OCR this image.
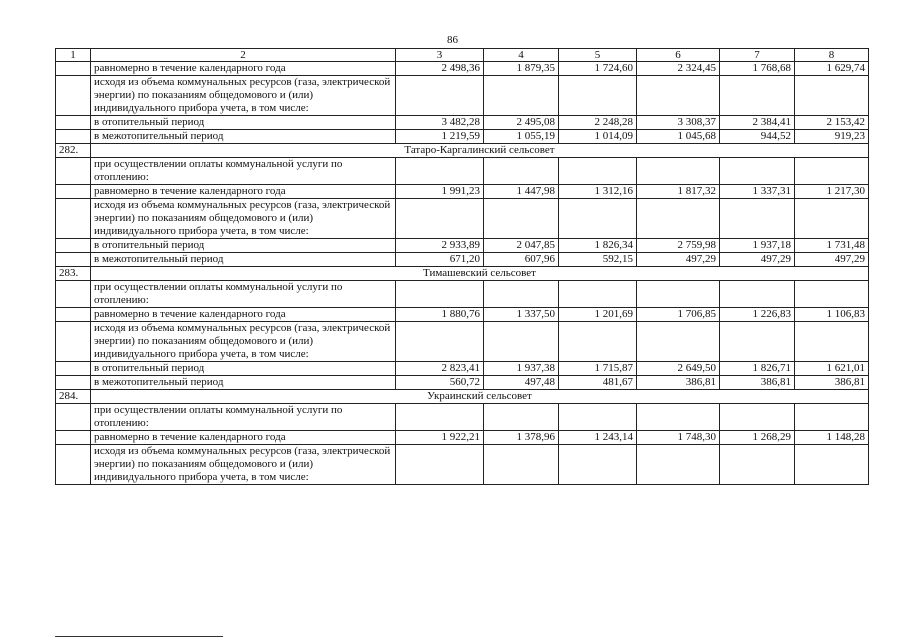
86
1	2	3	4	5	6	7	8
	равномерно в течение календарного года	2 498,36	1 879,35	1 724,60	2 324,45	1 768,68	1 629,74
	исходя из объема коммунальных ресурсов (газа, электрической энергии) по показаниям общедомового и (или) индивидуального прибора учета, в том числе:						
	в отопительный период	3 482,28	2 495,08	2 248,28	3 308,37	2 384,41	2 153,42
	в межотопительный период	1 219,59	1 055,19	1 014,09	1 045,68	944,52	919,23
282.	Татаро-Каргалинский сельсовет						
	при осуществлении оплаты коммунальной услуги по отоплению:						
	равномерно в течение календарного года	1 991,23	1 447,98	1 312,16	1 817,32	1 337,31	1 217,30
	исходя из объема коммунальных ресурсов (газа, электрической энергии) по показаниям общедомового и (или) индивидуального прибора учета, в том числе:						
	в отопительный период	2 933,89	2 047,85	1 826,34	2 759,98	1 937,18	1 731,48
	в межотопительный период	671,20	607,96	592,15	497,29	497,29	497,29
283.	Тимашевский сельсовет						
	при осуществлении оплаты коммунальной услуги по отоплению:						
	равномерно в течение календарного года	1 880,76	1 337,50	1 201,69	1 706,85	1 226,83	1 106,83
	исходя из объема коммунальных ресурсов (газа, электрической энергии) по показаниям общедомового и (или) индивидуального прибора учета, в том числе:						
	в отопительный период	2 823,41	1 937,38	1 715,87	2 649,50	1 826,71	1 621,01
	в межотопительный период	560,72	497,48	481,67	386,81	386,81	386,81
284.	Украинский сельсовет						
	при осуществлении оплаты коммунальной услуги по отоплению:						
	равномерно в течение календарного года	1 922,21	1 378,96	1 243,14	1 748,30	1 268,29	1 148,28
	исходя из объема коммунальных ресурсов (газа, электрической энергии) по показаниям общедомового и (или) индивидуального прибора учета, в том числе:						
